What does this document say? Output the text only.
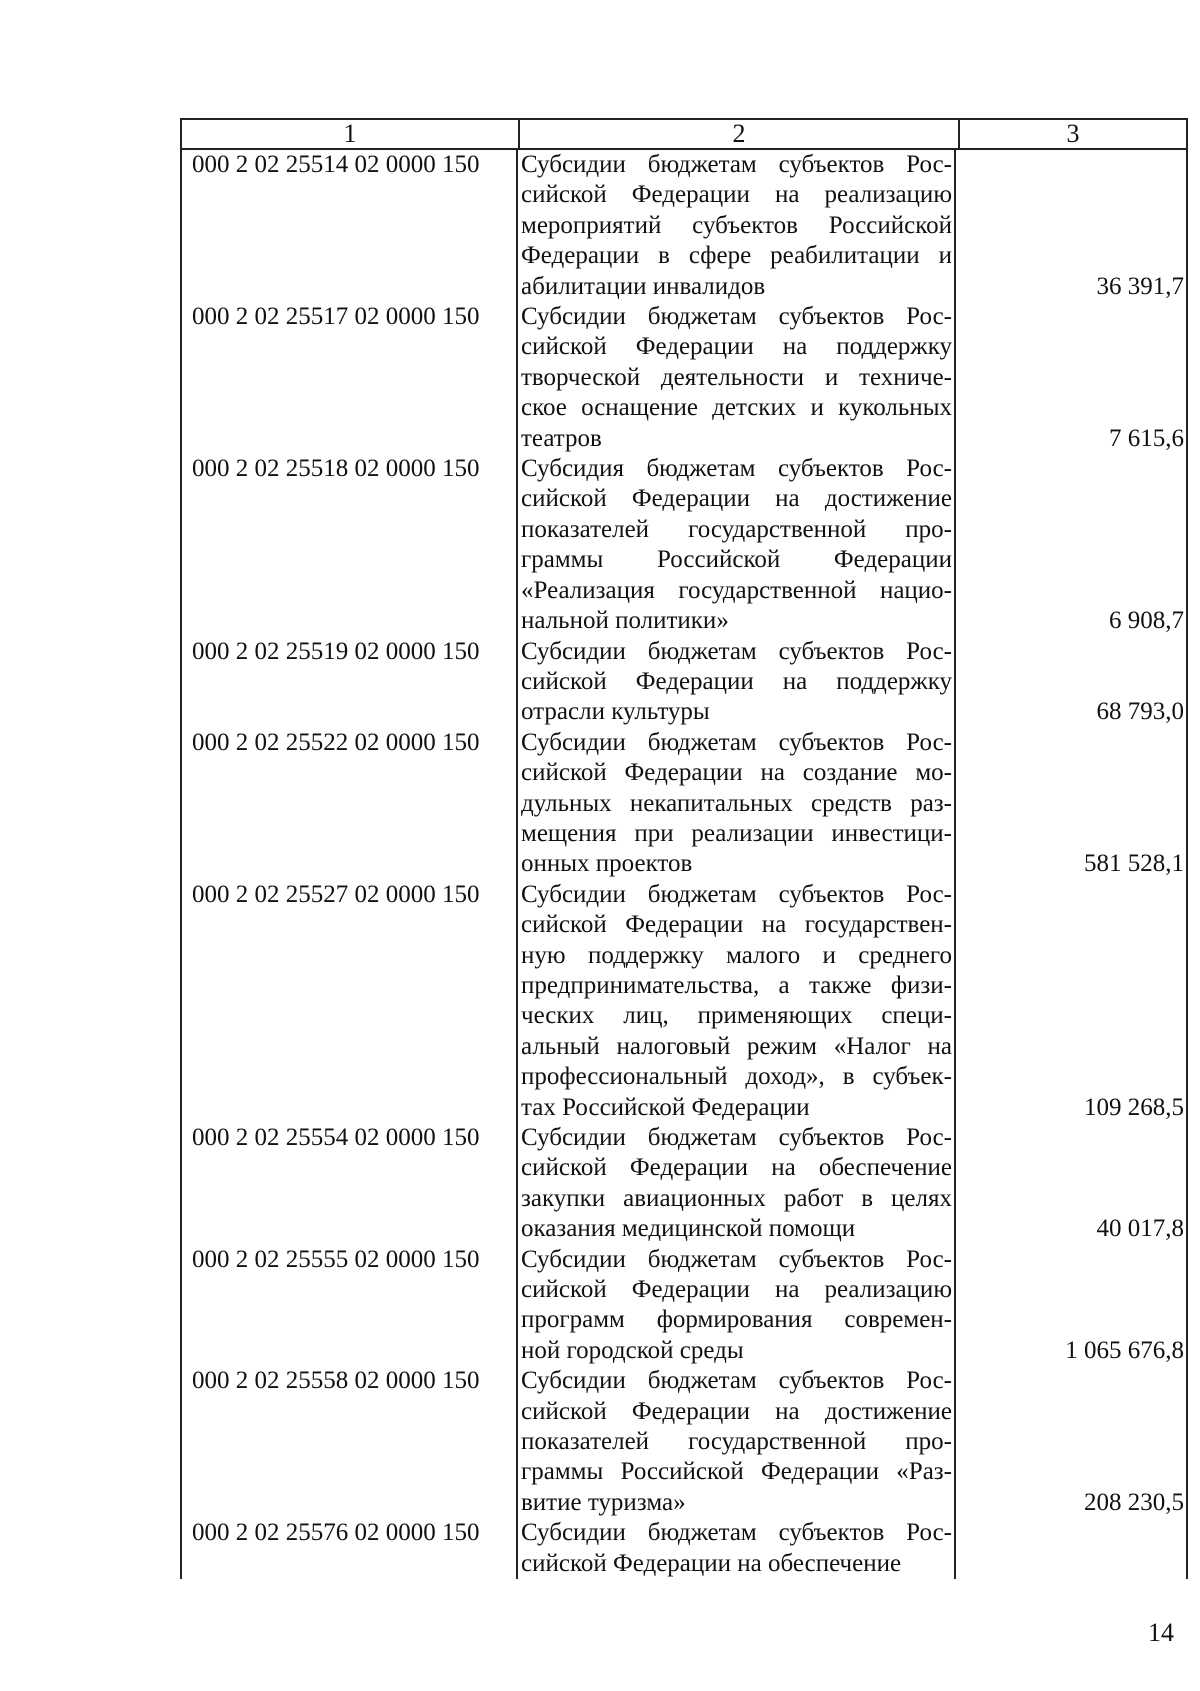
1	2	3
000 2 02 25514 02 0000 150	Субсидии бюджетам субъектов Рос-
сийской Федерации на реализацию
мероприятий субъектов Российской
Федерации в сфере реабилитации и
абилитации инвалидов	36 391,7
000 2 02 25517 02 0000 150	Субсидии бюджетам субъектов Рос-
сийской Федерации на поддержку
творческой деятельности и техниче-
ское оснащение детских и кукольных
театров	7 615,6
000 2 02 25518 02 0000 150	Субсидия бюджетам субъектов Рос-
сийской Федерации на достижение
показателей государственной про-
граммы Российской Федерации
«Реализация государственной нацио-
нальной политики»	6 908,7
000 2 02 25519 02 0000 150	Субсидии бюджетам субъектов Рос-
сийской Федерации на поддержку
отрасли культуры	68 793,0
000 2 02 25522 02 0000 150	Субсидии бюджетам субъектов Рос-
сийской Федерации на создание мо-
дульных некапитальных средств раз-
мещения при реализации инвестици-
онных проектов	581 528,1
000 2 02 25527 02 0000 150	Субсидии бюджетам субъектов Рос-
сийской Федерации на государствен-
ную поддержку малого и среднего
предпринимательства, а также физи-
ческих лиц, применяющих специ-
альный налоговый режим «Налог на
профессиональный доход», в субъек-
тах Российской Федерации	109 268,5
000 2 02 25554 02 0000 150	Субсидии бюджетам субъектов Рос-
сийской Федерации на обеспечение
закупки авиационных работ в целях
оказания медицинской помощи	40 017,8
000 2 02 25555 02 0000 150	Субсидии бюджетам субъектов Рос-
сийской Федерации на реализацию
программ формирования современ-
ной городской среды	1 065 676,8
000 2 02 25558 02 0000 150	Субсидии бюджетам субъектов Рос-
сийской Федерации на достижение
показателей государственной про-
граммы Российской Федерации «Раз-
витие туризма»	208 230,5
000 2 02 25576 02 0000 150	Субсидии бюджетам субъектов Рос-
сийской Федерации на обеспечение
14
